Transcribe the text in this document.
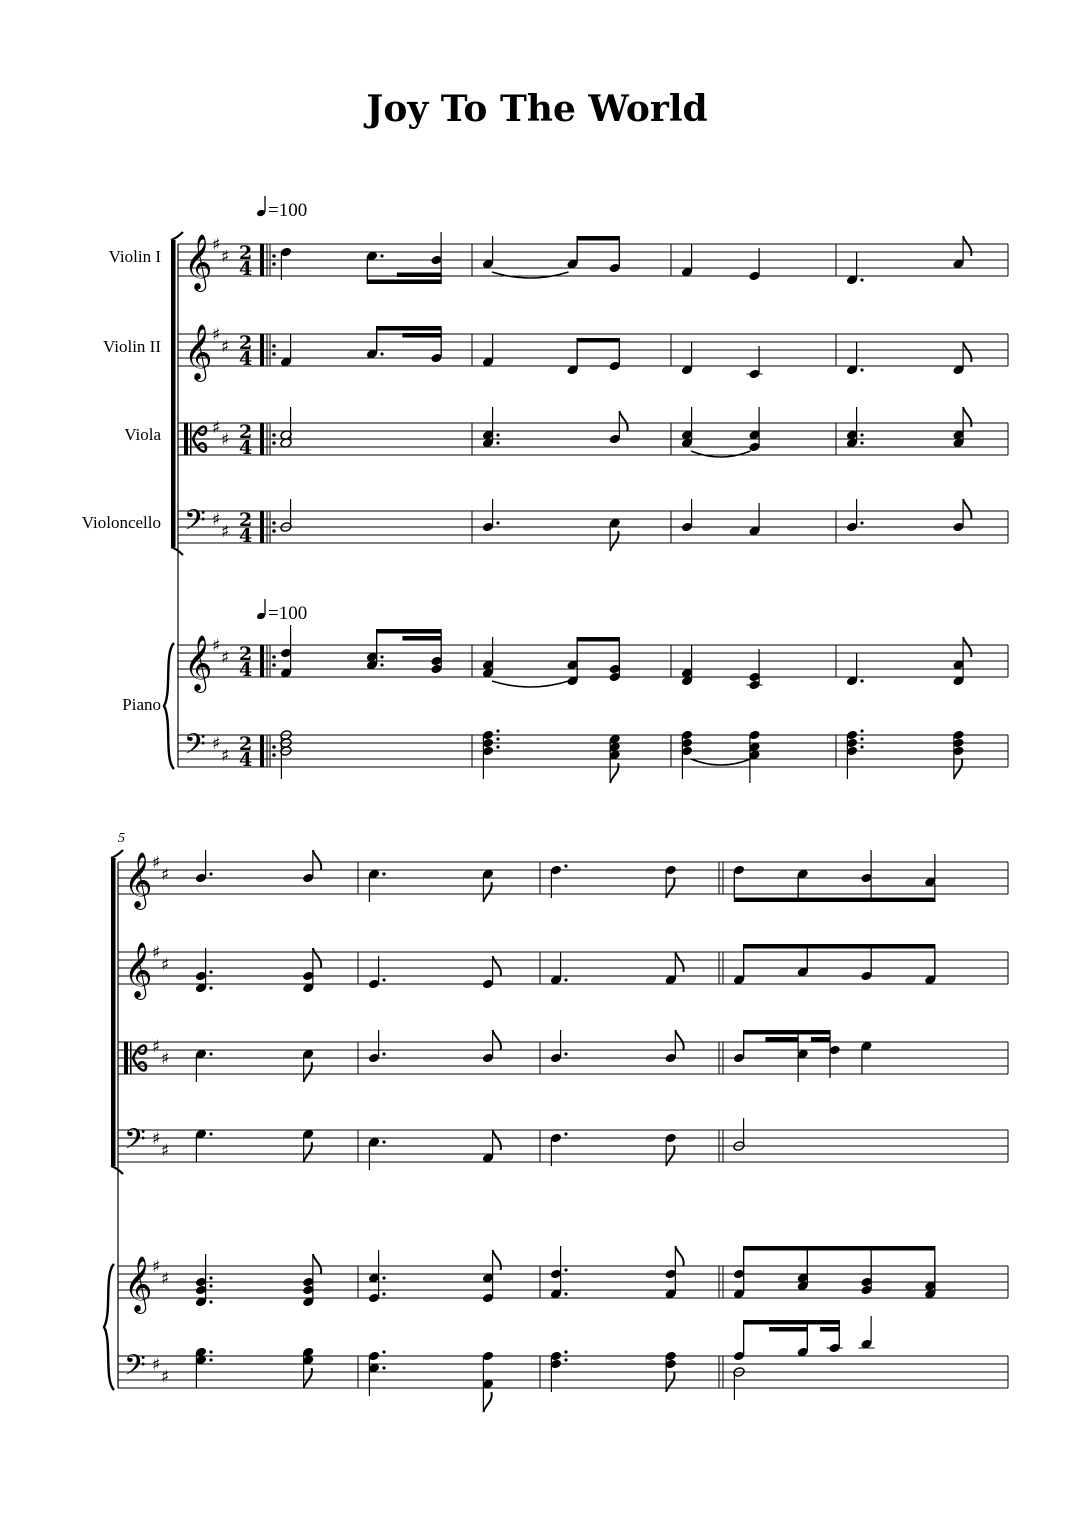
Joy To The World
Violin I
Violin II
Viola
Violoncello
Piano
=100
=100
5
𝄞 ♯
♯ 2
4
𝄞 ♯
♯ 2
4
♯
♯ 2
4
𝄢 ♯
♯
2
4
𝄞 ♯
♯ 2
4
𝄢 ♯
♯
2
4
𝄞 ♯
♯
𝄞 ♯
♯
♯
♯
𝄢 ♯
♯
𝄞 ♯
♯
𝄢 ♯
♯
